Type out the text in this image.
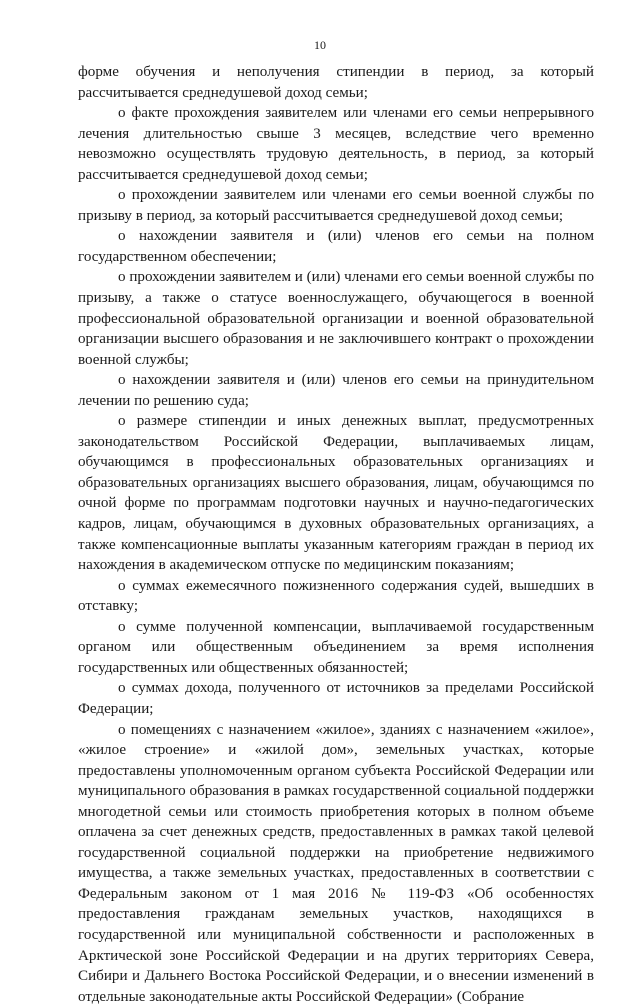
10

форме обучения и неполучения стипендии в период, за который рассчитывается среднедушевой доход семьи;

о факте прохождения заявителем или членами его семьи непрерывного лечения длительностью свыше 3 месяцев, вследствие чего временно невозможно осуществлять трудовую деятельность, в период, за который рассчитывается среднедушевой доход семьи;

о прохождении заявителем или членами его семьи военной службы по призыву в период, за который рассчитывается среднедушевой доход семьи;

о нахождении заявителя и (или) членов его семьи на полном государственном обеспечении;

о прохождении заявителем и (или) членами его семьи военной службы по призыву, а также о статусе военнослужащего, обучающегося в военной профессиональной образовательной организации и военной образовательной организации высшего образования и не заключившего контракт о прохождении военной службы;

о нахождении заявителя и (или) членов его семьи на принудительном лечении по решению суда;

о размере стипендии и иных денежных выплат, предусмотренных законодательством Российской Федерации, выплачиваемых лицам, обучающимся в профессиональных образовательных организациях и образовательных организациях высшего образования, лицам, обучающимся по очной форме по программам подготовки научных и научно-педагогических кадров, лицам, обучающимся в духовных образовательных организациях, а также компенсационные выплаты указанным категориям граждан в период их нахождения в академическом отпуске по медицинским показаниям;

о суммах ежемесячного пожизненного содержания судей, вышедших в отставку;

о сумме полученной компенсации, выплачиваемой государственным органом или общественным объединением за время исполнения государственных или общественных обязанностей;

о суммах дохода, полученного от источников за пределами Российской Федерации;

о помещениях с назначением «жилое», зданиях с назначением «жилое», «жилое строение» и «жилой дом», земельных участках, которые предоставлены уполномоченным органом субъекта Российской Федерации или муниципального образования в рамках государственной социальной поддержки многодетной семьи или стоимость приобретения которых в полном объеме оплачена за счет денежных средств, предоставленных в рамках такой целевой государственной социальной поддержки на приобретение недвижимого имущества, а также земельных участках, предоставленных в соответствии с Федеральным законом от 1 мая 2016 № 119-ФЗ «Об особенностях предоставления гражданам земельных участков, находящихся в государственной или муниципальной собственности и расположенных в Арктической зоне Российской Федерации и на других территориях Севера, Сибири и Дальнего Востока Российской Федерации, и о внесении изменений в отдельные законодательные акты Российской Федерации» (Собрание
